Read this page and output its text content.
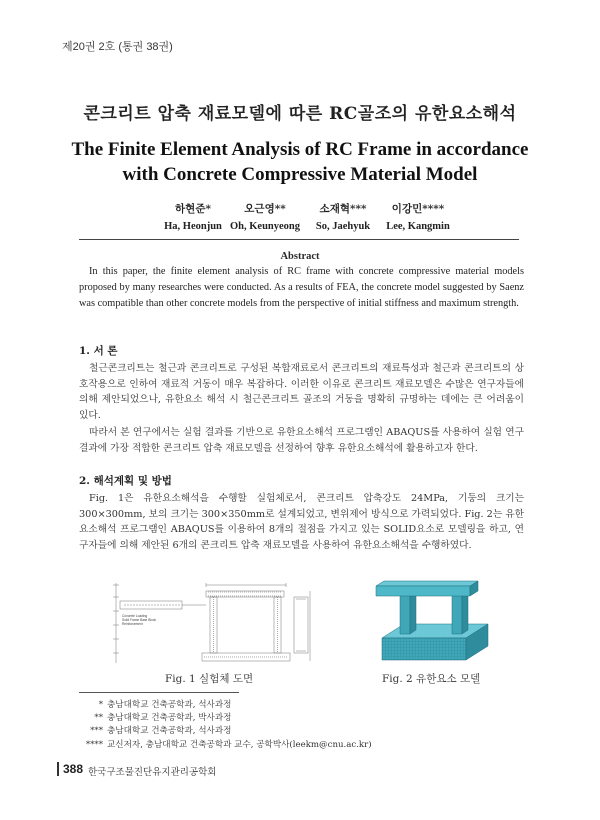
제20권 2호 (통권 38권)
콘크리트 압축 재료모델에 따른 RC골조의 유한요소해석
The Finite Element Analysis of RC Frame in accordance
with Concrete Compressive Material Model
하현준*
Ha, Heonjun
오근영**
Oh, Keunyeong
소재혁***
So, Jaehyuk
이강민****
Lee, Kangmin
Abstract
In this paper, the finite element analysis of RC frame with concrete compressive material models proposed by many researches were conducted. As a results of FEA, the concrete model suggested by Saenz was compatible than other concrete models from the perspective of initial stiffness and maximum strength.
1. 서 론
철근콘크리트는 철근과 콘크리트로 구성된 복합재료로서 콘크리트의 재료특성과 철근과 콘크리트의 상호작용으로 인하여 재료적 거동이 매우 복잡하다. 이러한 이유로 콘크리트 재료모델은 수많은 연구자들에 의해 제안되었으나, 유한요소 해석 시 철근콘크리트 골조의 거동을 명확히 규명하는 데에는 큰 어려움이 있다.
따라서 본 연구에서는 실험 결과를 기반으로 유한요소해석 프로그램인 ABAQUS를 사용하여 실험 연구 결과에 가장 적합한 콘크리트 압축 재료모델을 선정하여 향후 유한요소해석에 활용하고자 한다.
2. 해석계획 및 방법
Fig. 1은 유한요소해석을 수행할 실험체로서, 콘크리트 압축강도 24MPa, 기둥의 크기는 300×300mm, 보의 크기는 300×350mm로 설계되었고, 변위제어 방식으로 가력되었다. Fig. 2는 유한요소해석 프로그램인 ABAQUS를 이용하여 8개의 절점을 가지고 있는 SOLID요소로 모델링을 하고, 연구자들에 의해 제안된 6개의 콘크리트 압축 재료모델을 사용하여 유한요소해석을 수행하였다.
Concrete Loading
Solid Frame Base Block
Reinforcement
Fig. 1 실험체 도면	Fig. 2 유한요소 모델
* 충남대학교 건축공학과, 석사과정
** 충남대학교 건축공학과, 박사과정
*** 충남대학교 건축공학과, 석사과정
**** 교신저자, 충남대학교 건축공학과 교수, 공학박사(leekm@cnu.ac.kr)
388 한국구조물진단유지관리공학회
